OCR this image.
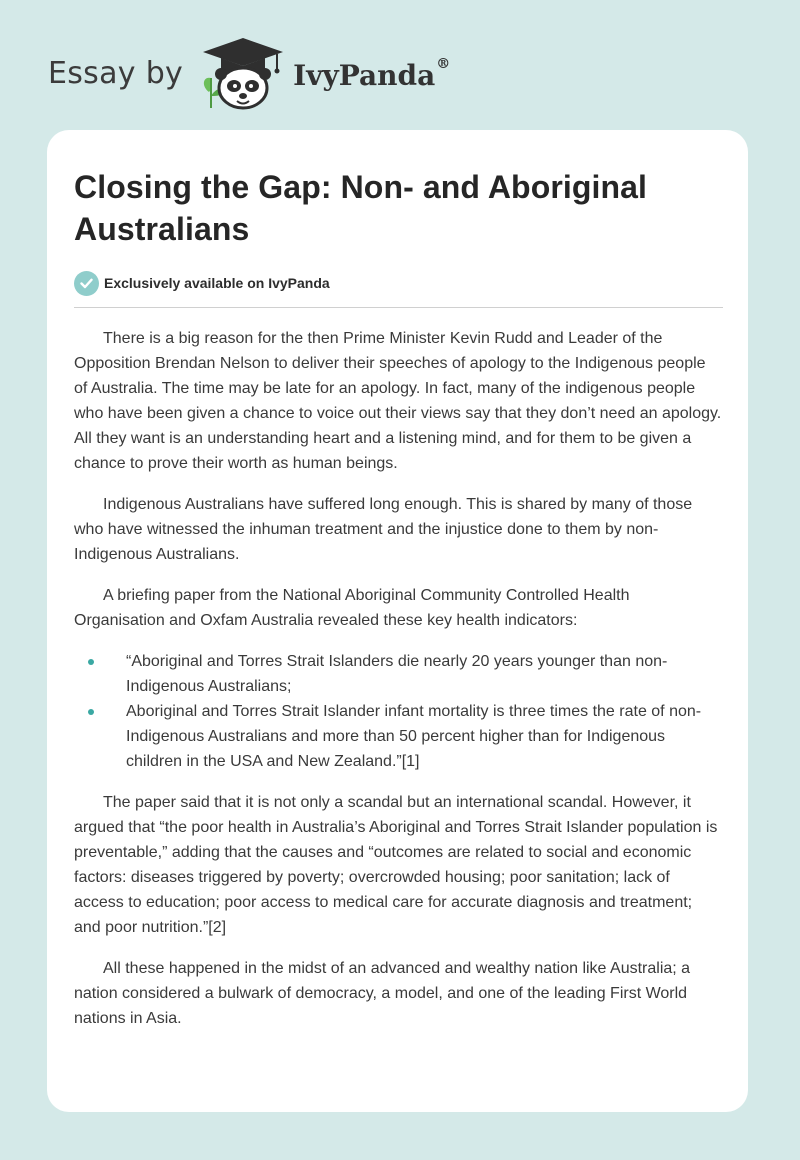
Essay by	IvyPanda®
Closing the Gap: Non- and Aboriginal Australians
Exclusively available on IvyPanda

There is a big reason for the then Prime Minister Kevin Rudd and Leader of the Opposition Brendan Nelson to deliver their speeches of apology to the Indigenous people of Australia. The time may be late for an apology. In fact, many of the indigenous people who have been given a chance to voice out their views say that they don’t need an apology. All they want is an understanding heart and a listening mind, and for them to be given a chance to prove their worth as human beings.

Indigenous Australians have suffered long enough. This is shared by many of those who have witnessed the inhuman treatment and the injustice done to them by non-Indigenous Australians.

A briefing paper from the National Aboriginal Community Controlled Health Organisation and Oxfam Australia revealed these key health indicators:

“Aboriginal and Torres Strait Islanders die nearly 20 years younger than non-Indigenous Australians;
Aboriginal and Torres Strait Islander infant mortality is three times the rate of non-Indigenous Australians and more than 50 percent higher than for Indigenous children in the USA and New Zealand.”[1]

The paper said that it is not only a scandal but an international scandal. However, it argued that “the poor health in Australia’s Aboriginal and Torres Strait Islander population is preventable,” adding that the causes and “outcomes are related to social and economic factors: diseases triggered by poverty; overcrowded housing; poor sanitation; lack of access to education; poor access to medical care for accurate diagnosis and treatment; and poor nutrition.”[2]

All these happened in the midst of an advanced and wealthy nation like Australia; a nation considered a bulwark of democracy, a model, and one of the leading First World nations in Asia.
